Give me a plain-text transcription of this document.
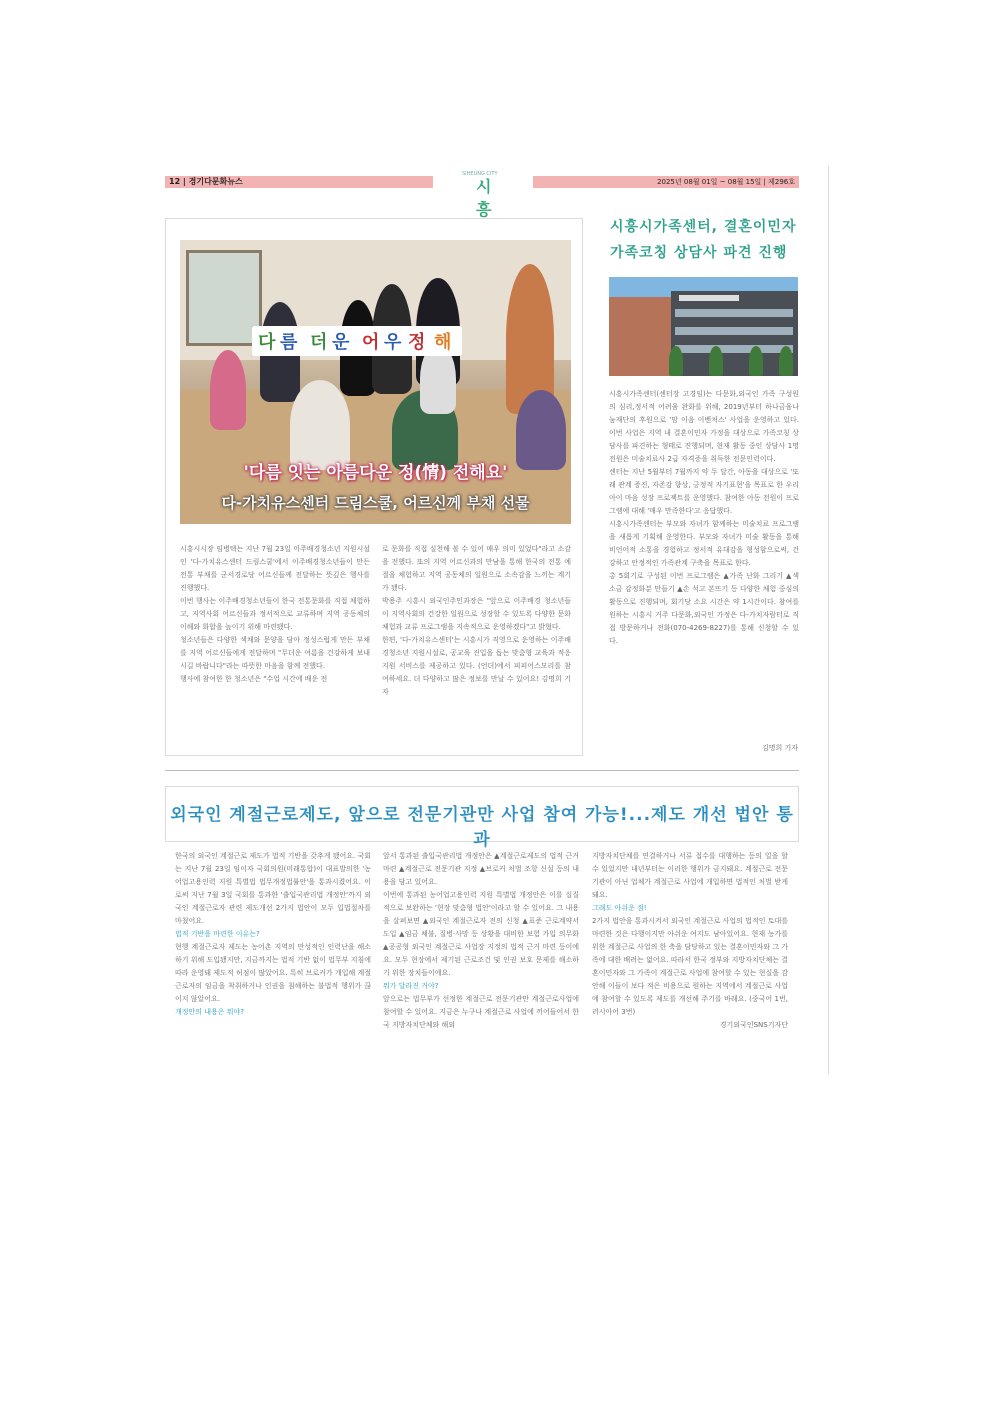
12 | 경기다문화뉴스
SIHEUNG CITY
시흥
2025년 08월 01일 ~ 08월 15일 | 제296호
다 름 더 운 어 우 정 해
'다름 잇는 아름다운 정(情) 전해요'
다-가치유스센터 드림스쿨, 어르신께 부채 선물
시흥시시장 임병택는 지난 7월 23일 이주배경청소년 지원시설인 '다-가치유스센터 드림스쿨'에서 이주배경청소년들이 만든 전통 부채를 군서경로당 어르신들께 전달하는 뜻깊은 행사를 진행했다.
이번 행사는 이주배경청소년들이 한국 전통문화를 직접 체험하고, 지역사회 어르신들과 정서적으로 교류하며 지역 공동체의 이해와 화합을 높이기 위해 마련됐다.
청소년들은 다양한 색채와 문양을 담아 정성스럽게 만든 부채를 지역 어르신들에게 전달하며 "무더운 여름을 건강하게 보내시길 바랍니다"라는 따뜻한 마음을 함께 전했다.
행사에 참여한 한 청소년은 "수업 시간에 배운 전
로 문화를 직접 실천해 볼 수 있어 매우 의미 있었다"라고 소감을 전했다. 또의 지역 어르신과의 만남을 통해 한국의 전통 예절을 체험하고 지역 공동체의 일원으로 소속감을 느끼는 계기가 됐다.
박용주 시흥시 외국인주민과장은 "앞으로 이주배경 청소년들이 지역사회의 건강한 일원으로 성장할 수 있도록 다양한 문화 체험과 교류 프로그램을 지속적으로 운영하겠다"고 밝혔다.
한편, '다-가치유스센터'는 시흥시가 직영으로 운영하는 이주배경청소년 지원시설로, 공교육 진입을 돕는 맞춤형 교육과 적응 지원 서비스를 제공하고 있다. (언더)에서 피피어스모리를 참여하세요. 더 다양하고 많은 정보를 만날 수 있어요! 김명희 기자
시흥시가족센터, 결혼이민자
가족코칭 상담사 파견 진행
시흥시가족센터(센터장 고경임)는 다문화,외국인 가족 구성원의 심리,정서적 어려움 완화를 위해, 2019년부터 하나금융나눔재단의 후원으로 '맘 이음 이벤처스' 사업을 운영하고 있다. 이번 사업은 지역 내 결혼이민자 가정을 대상으로 가족코칭 상담사를 파견하는 형태로 진행되며, 현재 활동 중인 상담사 1명 전원은 미술치료사 2급 자격증을 취득한 전문인력이다.
센터는 지난 5월부터 7월까지 약 두 달간, 아동을 대상으로 '또래 관계 증진, 자존감 향상, 긍정적 자기표현'을 목표로 한 우리 아이 마음 성장 프로젝트를 운영했다. 참여한 아동 전원이 프로그램에 대해 '매우 만족한다'고 응답했다.
시흥시가족센터는 부모와 자녀가 함께하는 미술치료 프로그램을 새롭게 기획해 운영한다. 부모와 자녀가 미술 활동을 통해 비언어적 소통을 경험하고 정서적 유대감을 형성함으로써, 건강하고 안정적인 가족관계 구축을 목표로 한다.
총 5회기로 구성된 이번 프로그램은 ▲가족 난화 그리기 ▲색 소금 감정화분 만들기 ▲손 석고 본뜨기 등 다양한 체험 중심의 활동으로 진행되며, 회기당 소요 시간은 약 1시간이다. 참여를 원하는 시흥시 거주 다문화,외국인 가정은 다-가치자람터로 직접 방문하거나 전화(070-4269-8227)를 통해 신청할 수 있다.
김명희 기자
외국인 계절근로제도, 앞으로 전문기관만 사업 참여 가능!...제도 개선 법안 통과
한국의 외국인 계절근로 제도가 법적 기반을 갖추게 됐어요. 국회는 지난 7월 23일 임이자 국회의원(미래통합)이 대표발의한 '농어업고용인력 지원 특별법 법무개정법률안'을 통과시켰어요. 이로써 지난 7월 3일 국회를 통과한 '출입국관리법 개정안'까지 외국인 계절근로자 관련 제도개선 2가지 법안이 모두 입법절차를 마쳤어요.
법적 기반을 마련한 이유는?
현행 계절근로자 제도는 농어촌 지역의 만성적인 인력난을 해소하기 위해 도입됐지만, 지금까지는 법적 기반 없이 법무부 지침에 따라 운영돼 제도적 허점이 많았어요. 특히 브로커가 개입해 계절근로자의 임금을 착취하거나 인권을 침해하는 불법적 행위가 끊이지 않았어요.
개정안의 내용은 뭐야?
앞서 통과된 출입국관리법 개정안은 ▲계절근로제도의 법적 근거 마련 ▲계절근로 전문기관 지정 ▲브로커 처벌 조항 신설 등의 내용을 담고 있어요.
이번에 통과된 농어업고용인력 지원 특별법 개정안은 이를 실질적으로 보완하는 '현장 맞춤형 법안'이라고 할 수 있어요. 그 내용을 살펴보면 ▲외국인 계절근로자 전의 신청 ▲표준 근로계약서 도입 ▲임금 체불, 질병·사망 등 상황을 대비한 보험 가입 의무화 ▲공공형 외국인 계절근로 사업장 지정의 법적 근거 마련 등이에요. 모두 현장에서 제기된 근로조건 및 인권 보호 문제를 해소하기 위한 장치들이에요.
뭐가 달라진 거야?
앞으로는 법무부가 선정한 계절근로 전문기관만 계절근로사업에 참여할 수 있어요. 지금은 누구나 계절근로 사업에 끼어들어서 한국 지방자치단체와 해외
지방자치단체를 연결하거나 서류 접수를 대행하는 등의 일을 할 수 있었지만 내년부터는 이러한 행위가 금지돼요. 계절근로 전문기관이 아닌 업체가 계절근로 사업에 개입하면 법적인 처벌 받게 돼요.
그래도 아쉬운 점!
2가지 법안을 통과시켜서 외국인 계절근로 사업의 법적인 토대를 마련한 것은 다행이지만 아쉬운 여지도 남아있어요. 현재 농가를 위한 계절근로 사업의 한 축을 담당하고 있는 결혼이민자와 그 가족에 대한 배려는 없어요. 따라서 한국 정부와 지방자치단체는 결혼이민자와 그 가족이 계절근로 사업에 참여할 수 있는 현실을 감안해 이들이 보다 적은 비용으로 원하는 지역에서 계절근로 사업에 참여할 수 있도록 제도를 개선해 주기를 바래요. (중국어 1번, 러시아어 3번)
경기외국인SNS기자단
